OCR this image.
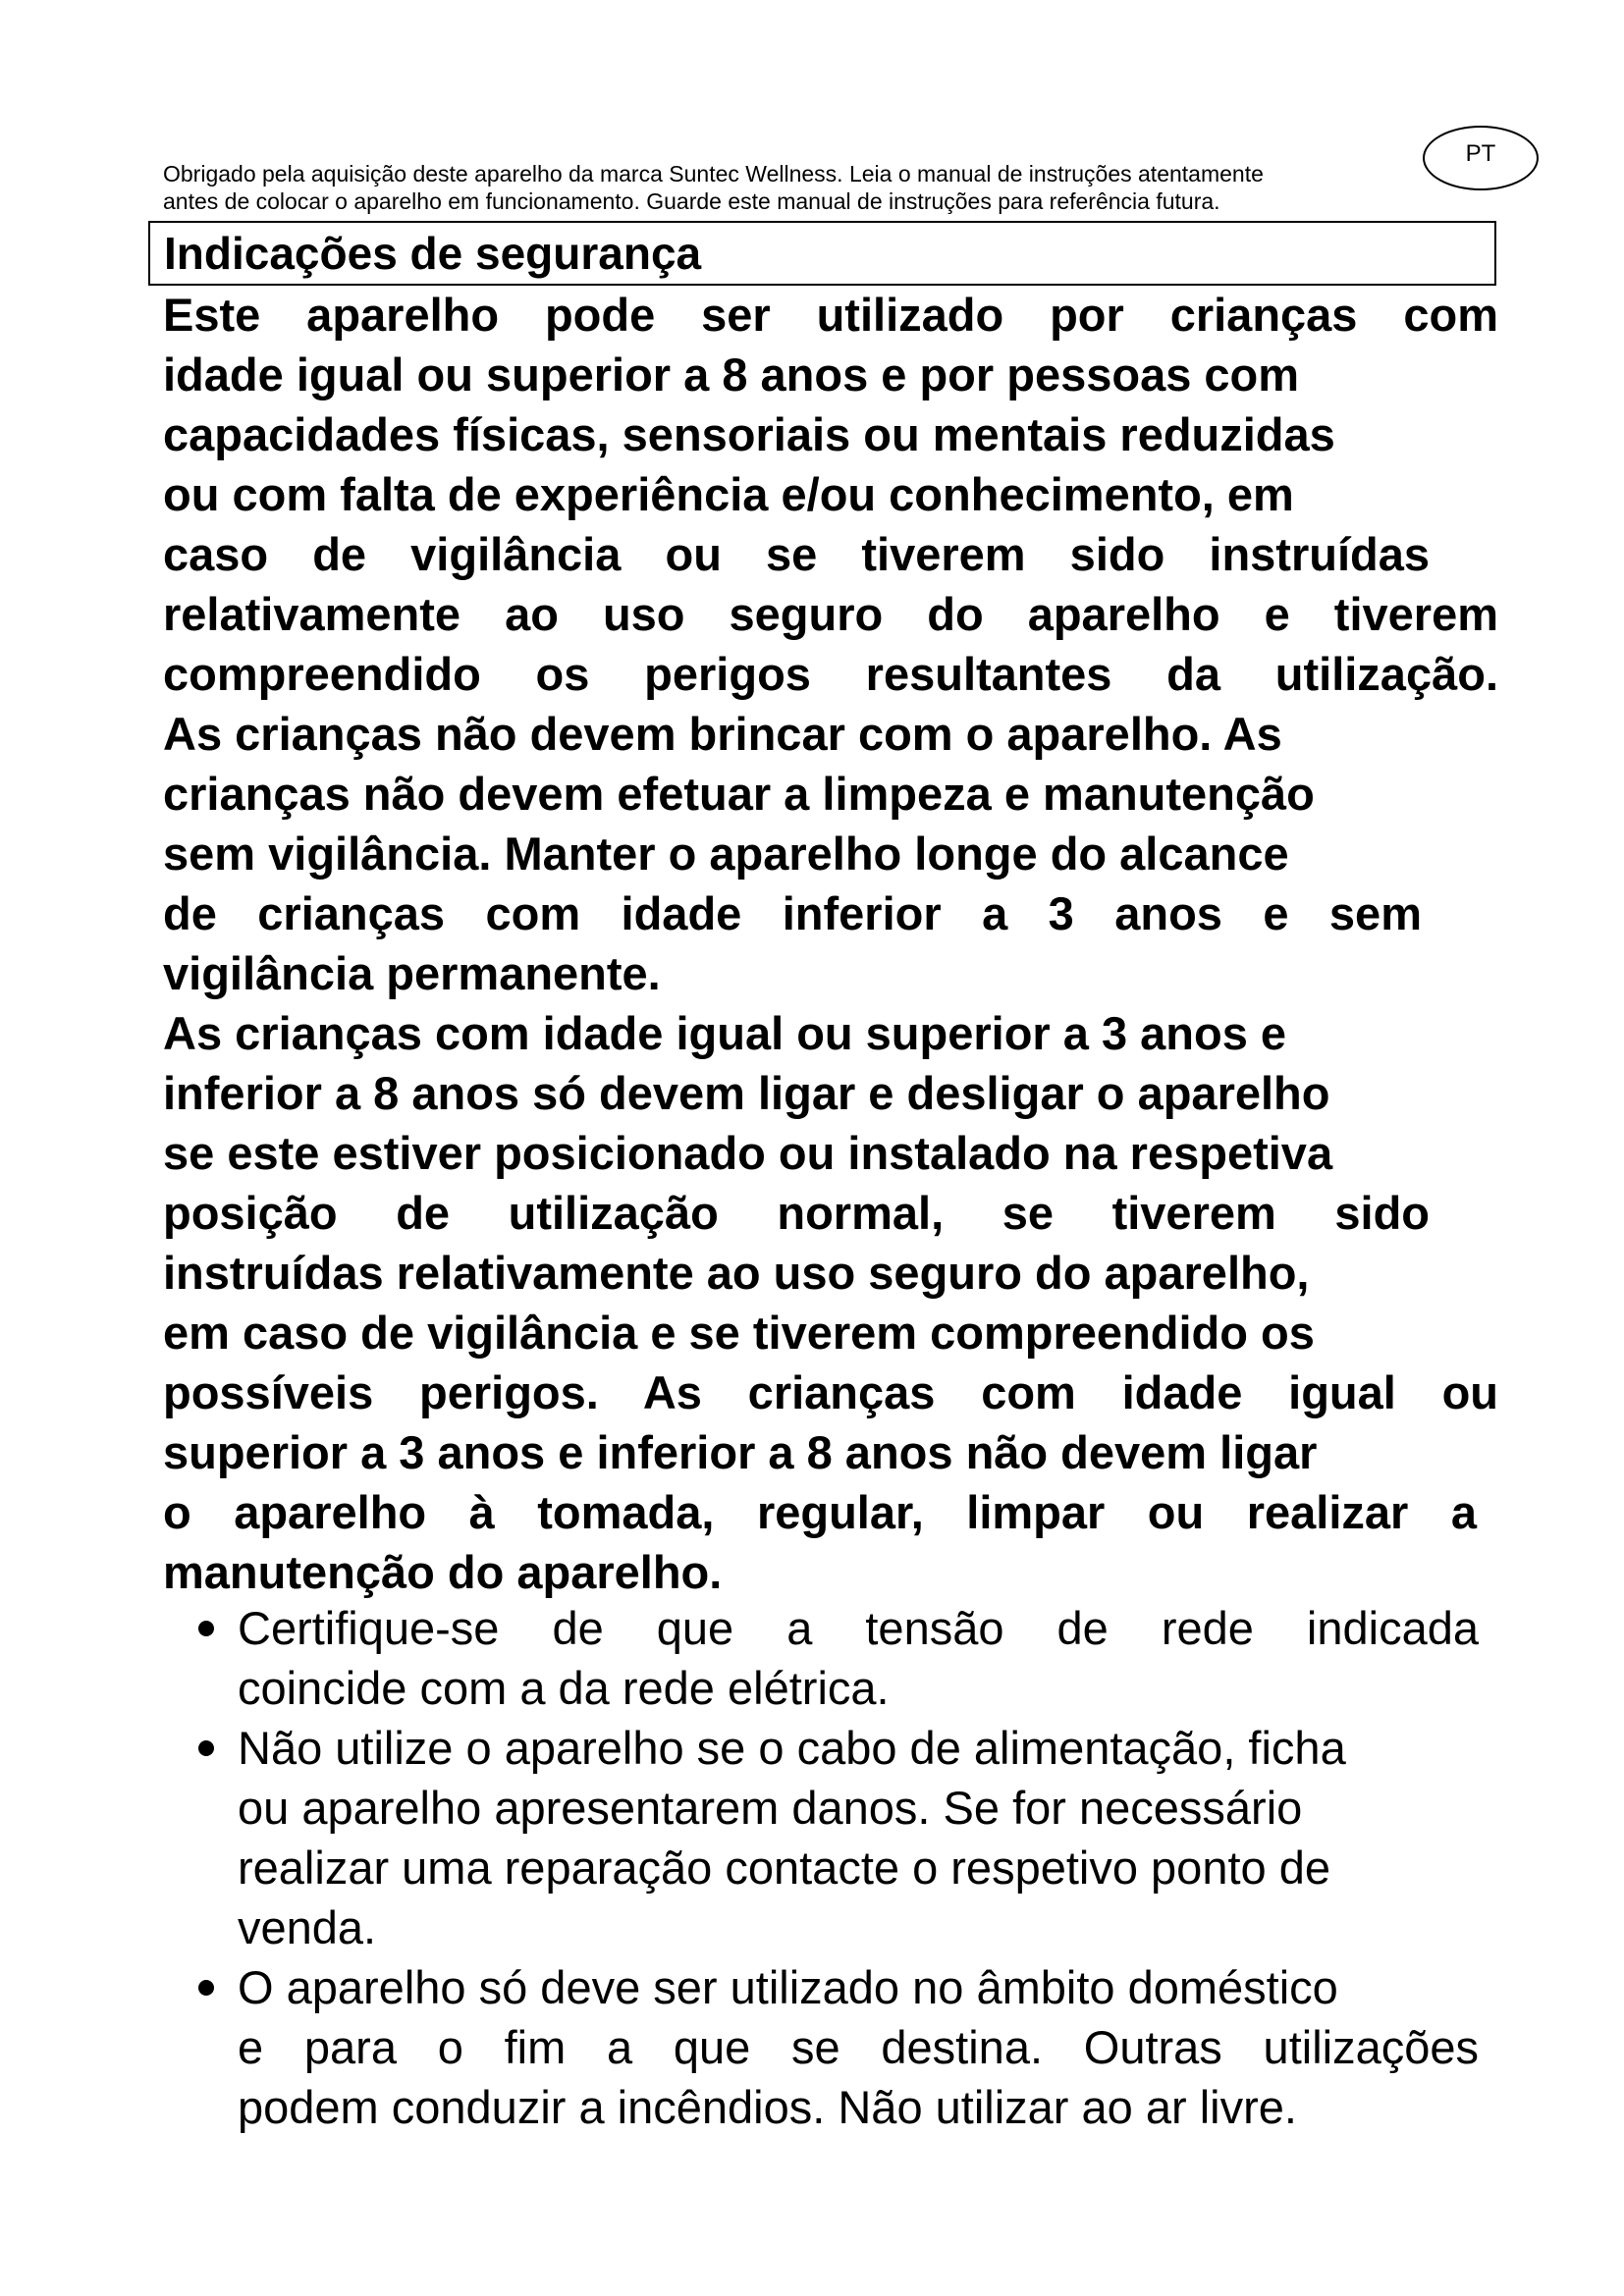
PT
Obrigado pela aquisição deste aparelho da marca Suntec Wellness. Leia o manual de instruções atentamente
antes de colocar o aparelho em funcionamento. Guarde este manual de instruções para referência futura.
Indicações de segurança
Este aparelho pode ser utilizado por crianças com
idade igual ou superior a 8 anos e por pessoas com
capacidades físicas, sensoriais ou mentais reduzidas
ou com falta de experiência e/ou conhecimento, em
caso de vigilância ou se tiverem sido instruídas
relativamente ao uso seguro do aparelho e tiverem
compreendido os perigos resultantes da utilização.
As crianças não devem brincar com o aparelho. As
crianças não devem efetuar a limpeza e manutenção
sem vigilância. Manter o aparelho longe do alcance
de crianças com idade inferior a 3 anos e sem
vigilância permanente.
As crianças com idade igual ou superior a 3 anos e
inferior a 8 anos só devem ligar e desligar o aparelho
se este estiver posicionado ou instalado na respetiva
posição de utilização normal, se tiverem sido
instruídas relativamente ao uso seguro do aparelho,
em caso de vigilância e se tiverem compreendido os
possíveis perigos. As crianças com idade igual ou
superior a 3 anos e inferior a 8 anos não devem ligar
o aparelho à tomada, regular, limpar ou realizar a
manutenção do aparelho.
Certifique-se de que a tensão de rede indicada
coincide com a da rede elétrica.
Não utilize o aparelho se o cabo de alimentação, ficha
ou aparelho apresentarem danos. Se for necessário
realizar uma reparação contacte o respetivo ponto de
venda.
O aparelho só deve ser utilizado no âmbito doméstico
e para o fim a que se destina. Outras utilizações
podem conduzir a incêndios. Não utilizar ao ar livre.
